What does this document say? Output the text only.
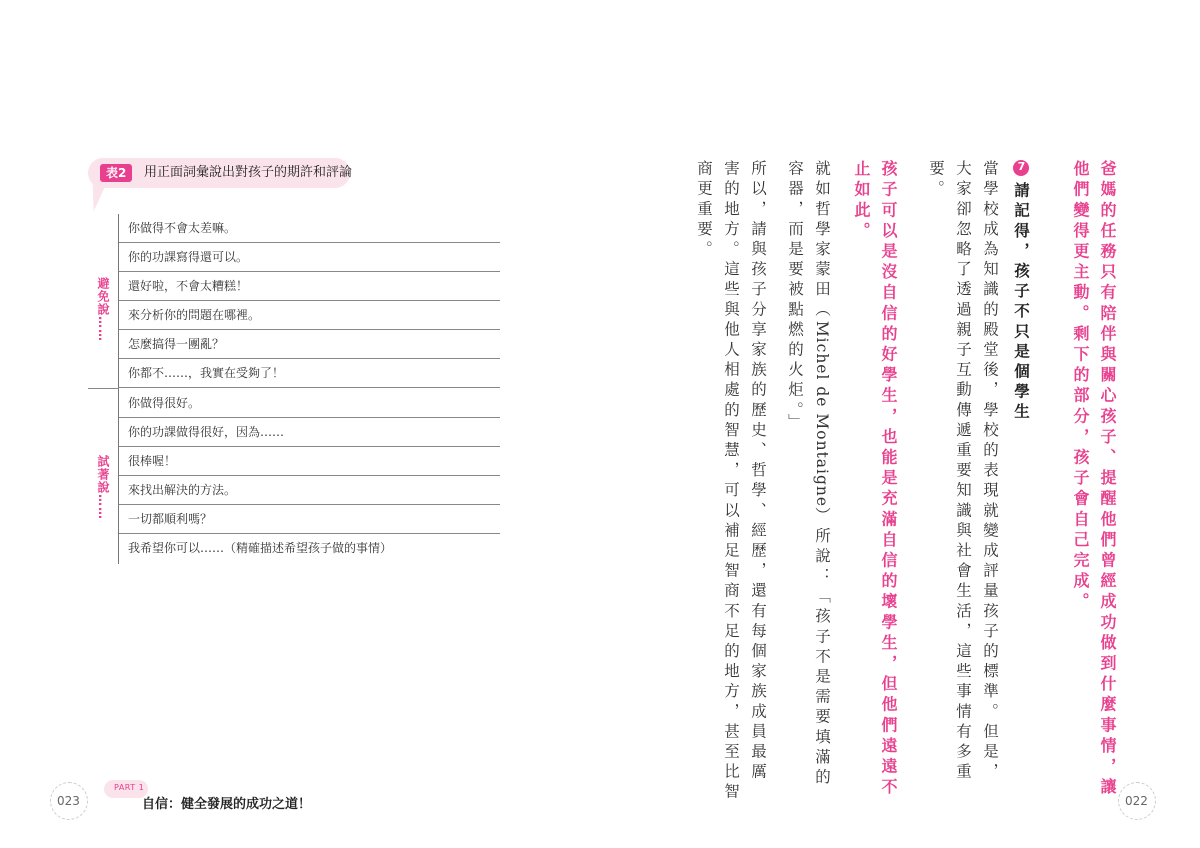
表2	用正面詞彙說出對孩子的期許和評論
避免說……
試著說……
你做得不會太差嘛。
你的功課寫得還可以。
還好啦，不會太糟糕！
來分析你的問題在哪裡。
怎麼搞得一團亂？
你都不……，我實在受夠了！
你做得很好。
你的功課做得很好，因為……
很棒喔！
來找出解決的方法。
一切都順利嗎？
我希望你可以……（精確描述希望孩子做的事情）
023
PART 1
自信：健全發展的成功之道！
爸媽的任務只有陪伴與關心孩子、提醒他們曾經成功做到什麼事情，讓
他們變得更主動。剩下的部分，孩子會自己完成。
7請記得，孩子不只是個學生
當學校成為知識的殿堂後，學校的表現就變成評量孩子的標準。但是，
大家卻忽略了透過親子互動傳遞重要知識與社會生活，這些事情有多重
要。
孩子可以是沒自信的好學生，也能是充滿自信的壞學生，但他們遠遠不
止如此。
就如哲學家蒙田（Michel de Montaigne）所說：「孩子不是需要填滿的
容器，而是要被點燃的火炬。」
所以，請與孩子分享家族的歷史、哲學、經歷，還有每個家族成員最厲
害的地方。這些與他人相處的智慧，可以補足智商不足的地方，甚至比智
商更重要。
022
